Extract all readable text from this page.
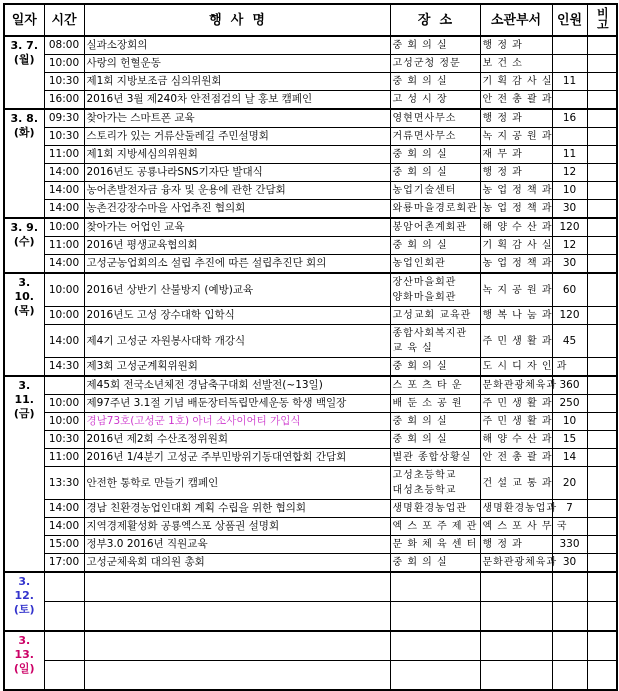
일자	시간	행  사  명	장  소	소관부서	인원	비고

3. 7.
(월)	08:00	실과소장회의	중 회 의 실	행 정 과		
	10:00	사랑의 헌혈운동	고성군청 정문	보 건 소		
	10:30	제1회 지방보조금 심의위원회	중 회 의 실	기 획 감 사 실	11	
	16:00	2016년 3월 제240차 안전점검의 날 홍보 캠페인	고 성 시 장	안 전 총 괄 과		

3. 8.
(화)	09:30	찾아가는 스마트폰 교육	영현면사무소	행 정 과	16	
	10:30	스토리가 있는 거류산둘레길 주민설명회	거류면사무소	녹 지 공 원 과		
	11:00	제1회 지방세심의위원회	중 회 의 실	재 무 과	11	
	14:00	2016년도 공룡나라SNS기자단 발대식	중 회 의 실	행 정 과	12	
	14:00	농어촌발전자금 융자 및 운용에 관한 간담회	농업기술센터	농 업 정 책 과	10	
	14:00	농촌건강장수마을 사업추진 협의회	와룡마을경로회관	농 업 정 책 과	30	

3. 9.
(수)	10:00	찾아가는 어업인 교육	봉암어촌계회관	해 양 수 산 과	120	
	11:00	2016년 평생교육협의회	중 회 의 실	기 획 감 사 실	12	
	14:00	고성군농업회의소 설립 추진에 따른 설립추진단 회의	농업인회관	농 업 정 책 과	30	

3. 10.
(목)	10:00	2016년 상반기 산불방지 (예방)교육	장산마을회관
양화마을회관	녹 지 공 원 과	60	
	10:00	2016년도 고성 장수대학 입학식	고성교회 교육관	행 복 나 눔 과	120	
	14:00	제4기 고성군 자원봉사대학 개강식	종합사회복지관
교 육 실	주 민 생 활 과	45	
	14:30	제3회 고성군계획위원회	중 회 의 실	도 시 디 자 인 과		

3. 11.
(금)		제45회 전국소년체전 경남축구대회 선발전(~13일)	스 포 츠 타 운	문화관광체육과	360	
	10:00	제97주년 3.1절 기념 배둔장터독립만세운동 학생 백일장	배 둔 소 공 원	주 민 생 활 과	250	
	10:00	경남73호(고성군 1호) 아너 소사이어티 가입식	중 회 의 실	주 민 생 활 과	10	
	10:30	2016년 제2회 수산조정위원회	중 회 의 실	해 양 수 산 과	15	
	11:00	2016년 1/4분기 고성군 주부민방위기동대연합회 간담회	별관 종합상황실	안 전 총 괄 과	14	
	13:30	안전한 통학로 만들기 캠페인	고성초등학교
대성초등학교	건 설 교 통 과	20	
	14:00	경남 친환경농업인대회 계획 수립을 위한 협의회	생명환경농업관	생명환경농업과	7	
	14:00	지역경제활성화 공룡엑스포 상품권 설명회	엑 스 포 주 제 관	엑 스 포 사 무 국		
	15:00	정부3.0 2016년 직원교육	문 화 체 육 센 터	행 정 과	330	
	17:00	고성군체육회 대의원 총회	중 회 의 실	문화관광체육과	30	

3. 12.
(토)						

3. 13.
(일)						
